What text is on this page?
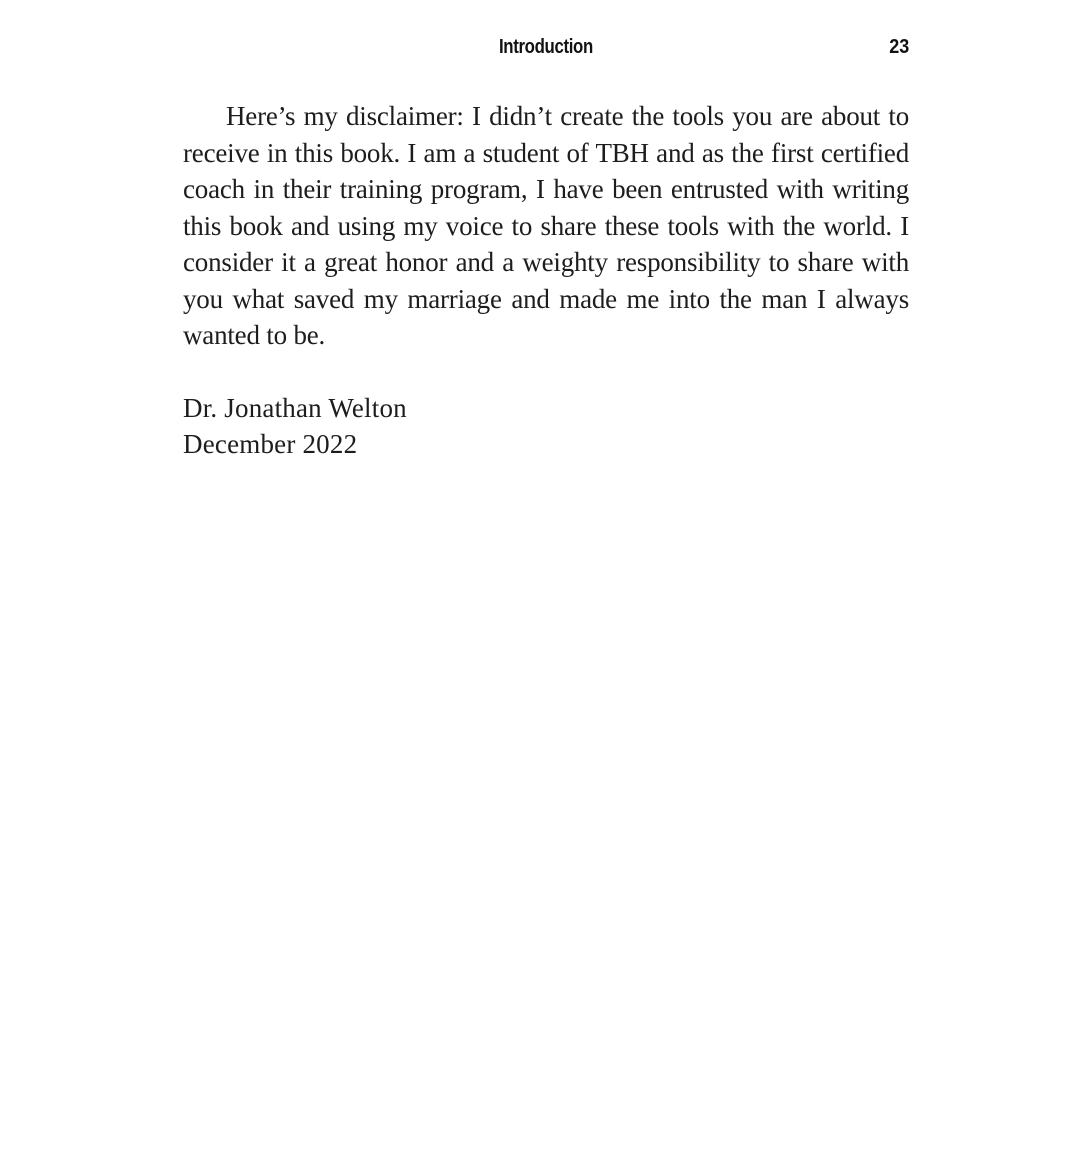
Introduction	23

Here’s my disclaimer: I didn’t create the tools you are about to receive in this book. I am a student of TBH and as the first certified coach in their training program, I have been entrusted with writing this book and using my voice to share these tools with the world. I consider it a great honor and a weighty responsibility to share with you what saved my marriage and made me into the man I always wanted to be.

Dr. Jonathan Welton
December 2022
